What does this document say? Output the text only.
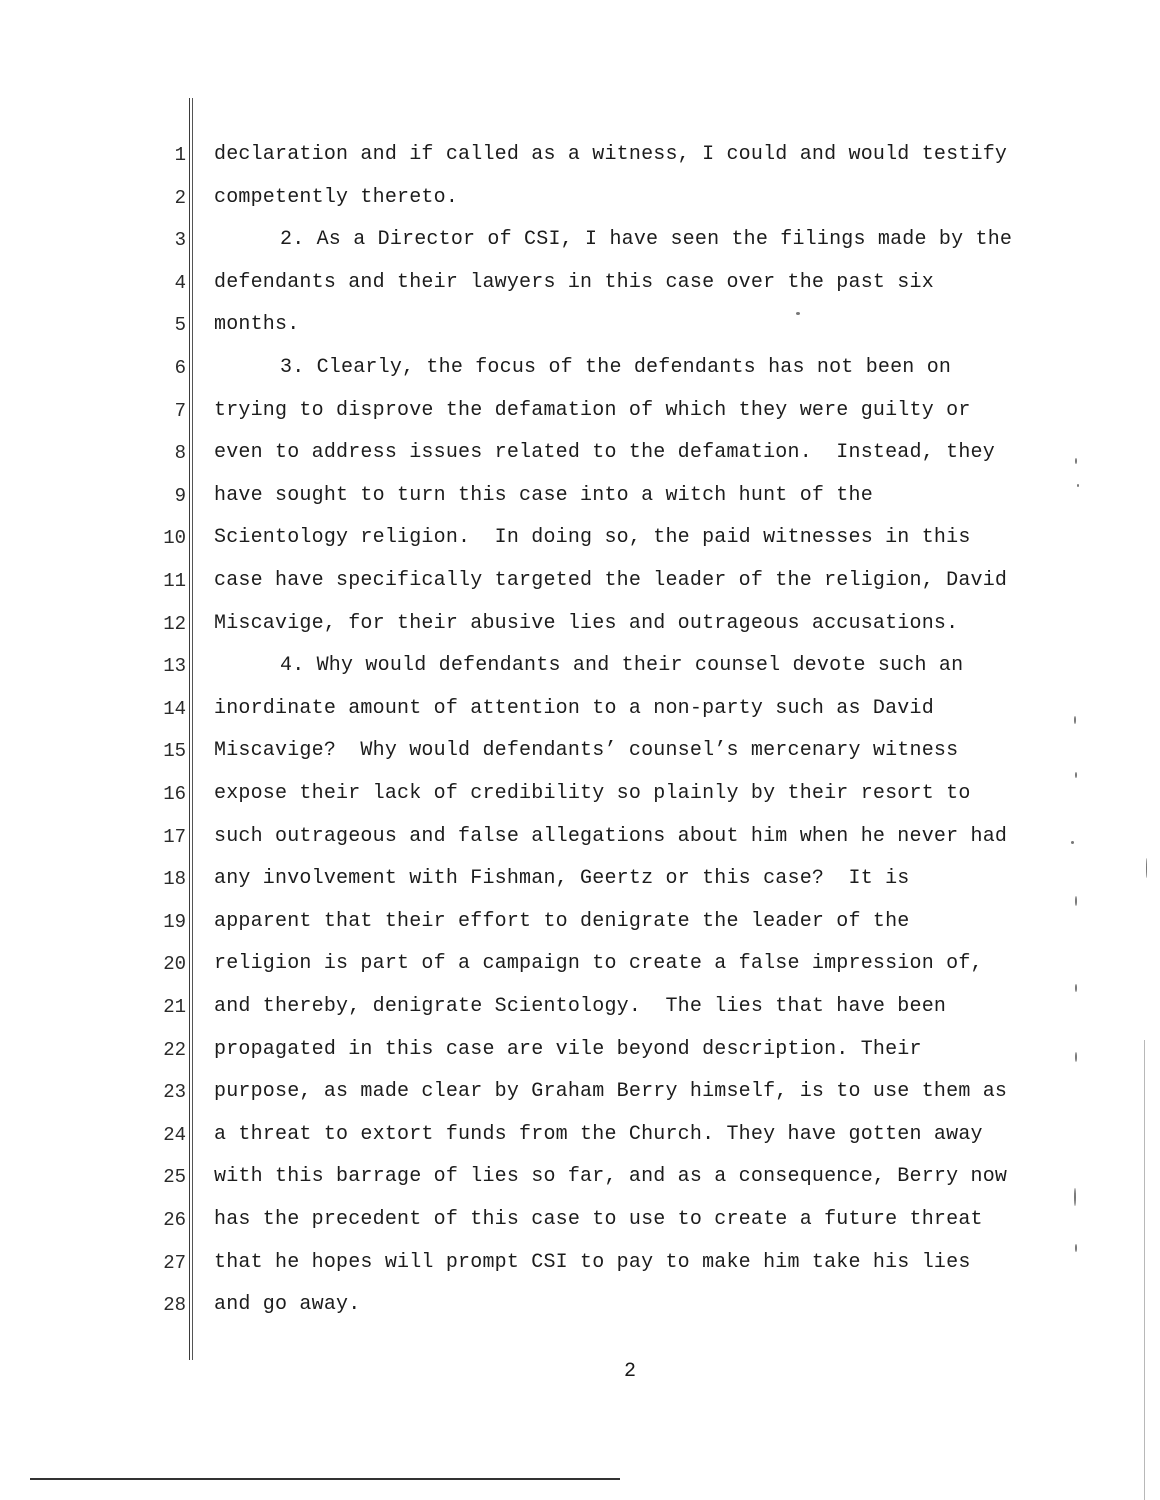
1 declaration and if called as a witness, I could and would testify
2 competently thereto.
3	2. As a Director of CSI, I have seen the filings made by the
4 defendants and their lawyers in this case over the past six
5 months.
6	3. Clearly, the focus of the defendants has not been on
7 trying to disprove the defamation of which they were guilty or
8 even to address issues related to the defamation.  Instead, they
9 have sought to turn this case into a witch hunt of the
10 Scientology religion.  In doing so, the paid witnesses in this
11 case have specifically targeted the leader of the religion, David
12 Miscavige, for their abusive lies and outrageous accusations.
13	4. Why would defendants and their counsel devote such an
14 inordinate amount of attention to a non-party such as David
15 Miscavige?  Why would defendants’ counsel’s mercenary witness
16 expose their lack of credibility so plainly by their resort to
17 such outrageous and false allegations about him when he never had
18 any involvement with Fishman, Geertz or this case?  It is
19 apparent that their effort to denigrate the leader of the
20 religion is part of a campaign to create a false impression of,
21 and thereby, denigrate Scientology.  The lies that have been
22 propagated in this case are vile beyond description. Their
23 purpose, as made clear by Graham Berry himself, is to use them as
24 a threat to extort funds from the Church. They have gotten away
25 with this barrage of lies so far, and as a consequence, Berry now
26 has the precedent of this case to use to create a future threat
27 that he hopes will prompt CSI to pay to make him take his lies
28 and go away.
2
